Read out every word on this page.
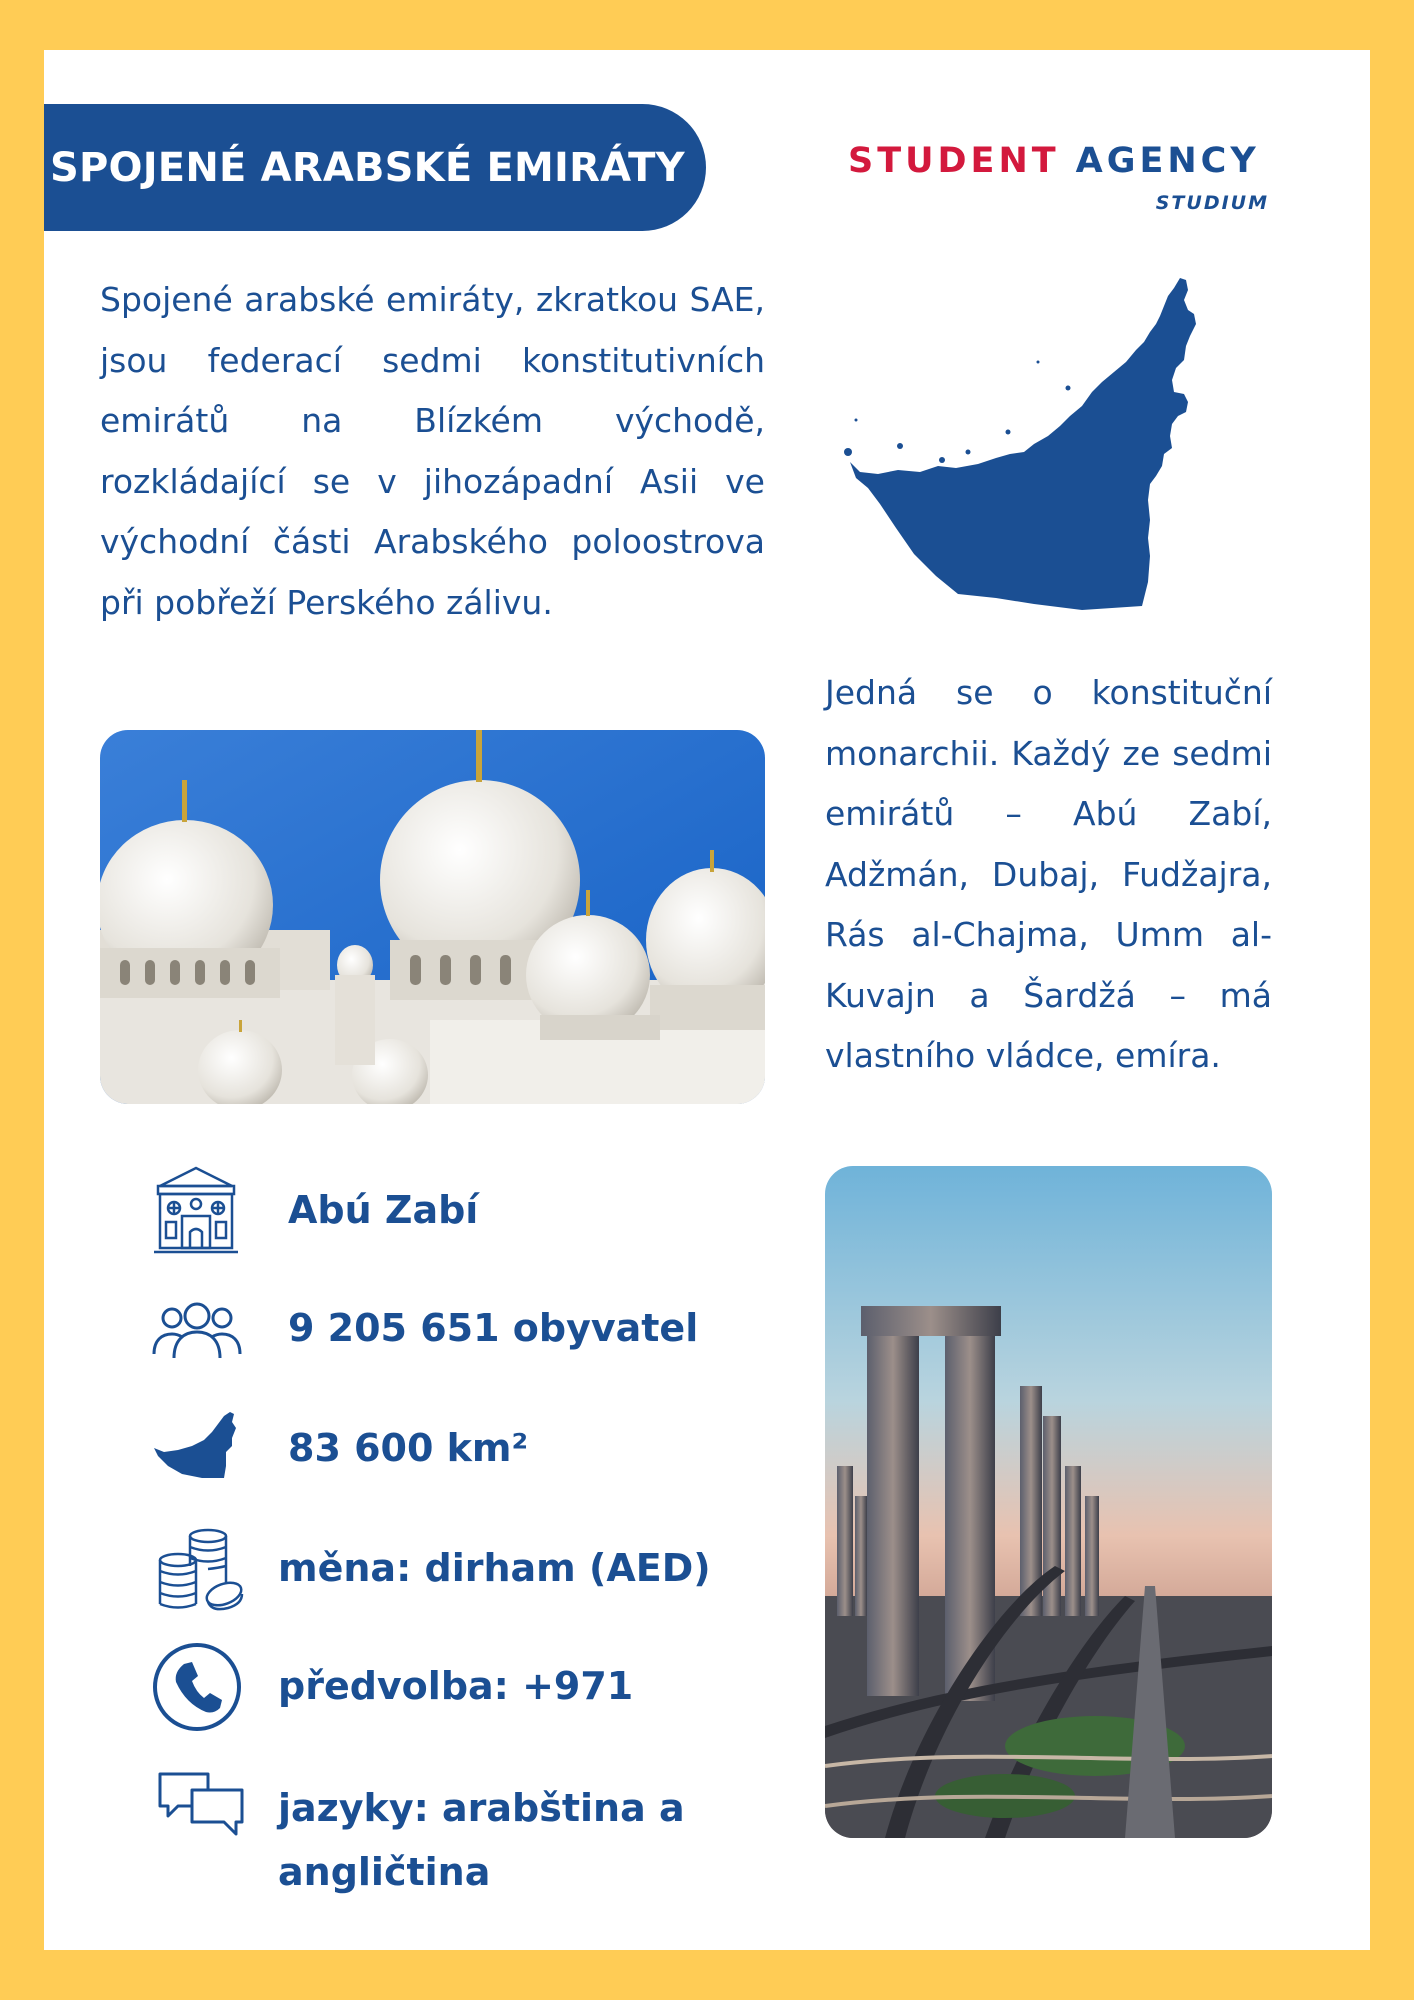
SPOJENÉ ARABSKÉ EMIRÁTY	STUDENT AGENCY
STUDIUM

Spojené arabské emiráty, zkratkou SAE, jsou federací sedmi konstitutivních emirátů na Blízkém východě, rozkládající se v jihozápadní Asii ve východní části Arabského poloostrova při pobřeží Perského zálivu.

Jedná se o konstituční monarchii. Každý ze sedmi emirátů – Abú Zabí, Adžmán, Dubaj, Fudžajra, Rás al-Chajma, Umm al-Kuvajn a Šardžá – má vlastního vládce, emíra.

Abú Zabí
9 205 651 obyvatel
83 600 km²
měna: dirham (AED)
předvolba: +971
jazyky: arabština a
angličtina
